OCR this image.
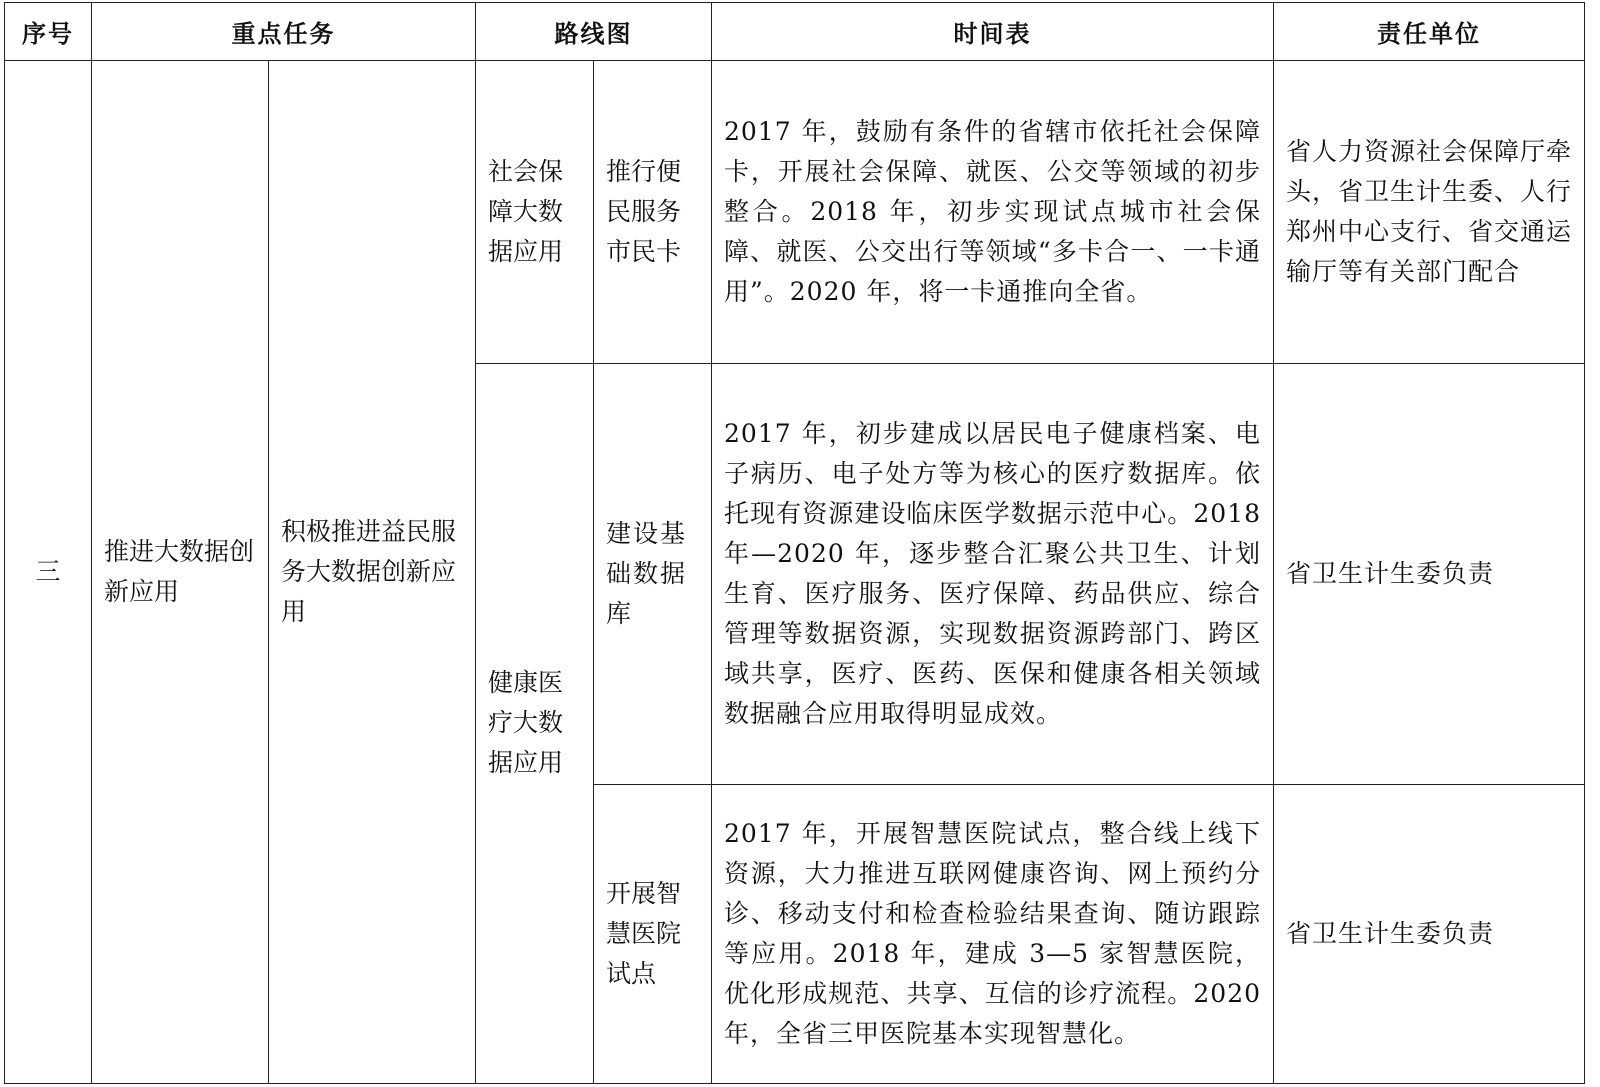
序号	重点任务		路线图		时间表	责任单位
三	推进大数据创新应用	积极推进益民服务大数据创新应用	社会保障大数据应用	推行便民服务市民卡	2017 年，鼓励有条件的省辖市依托社会保障卡，开展社会保障、就医、公交等领域的初步整合。2018 年，初步实现试点城市社会保障、就医、公交出行等领域“多卡合一、一卡通用”。2020 年，将一卡通推向全省。	省人力资源社会保障厅牵头，省卫生计生委、人行郑州中心支行、省交通运输厅等有关部门配合
			健康医疗大数据应用	建设基础数据库	2017 年，初步建成以居民电子健康档案、电子病历、电子处方等为核心的医疗数据库。依托现有资源建设临床医学数据示范中心。2018 年—2020 年，逐步整合汇聚公共卫生、计划生育、医疗服务、医疗保障、药品供应、综合管理等数据资源，实现数据资源跨部门、跨区域共享，医疗、医药、医保和健康各相关领域数据融合应用取得明显成效。	省卫生计生委负责
				开展智慧医院试点	2017 年，开展智慧医院试点，整合线上线下资源，大力推进互联网健康咨询、网上预约分诊、移动支付和检查检验结果查询、随访跟踪等应用。2018 年，建成 3—5 家智慧医院，优化形成规范、共享、互信的诊疗流程。2020 年，全省三甲医院基本实现智慧化。	省卫生计生委负责
